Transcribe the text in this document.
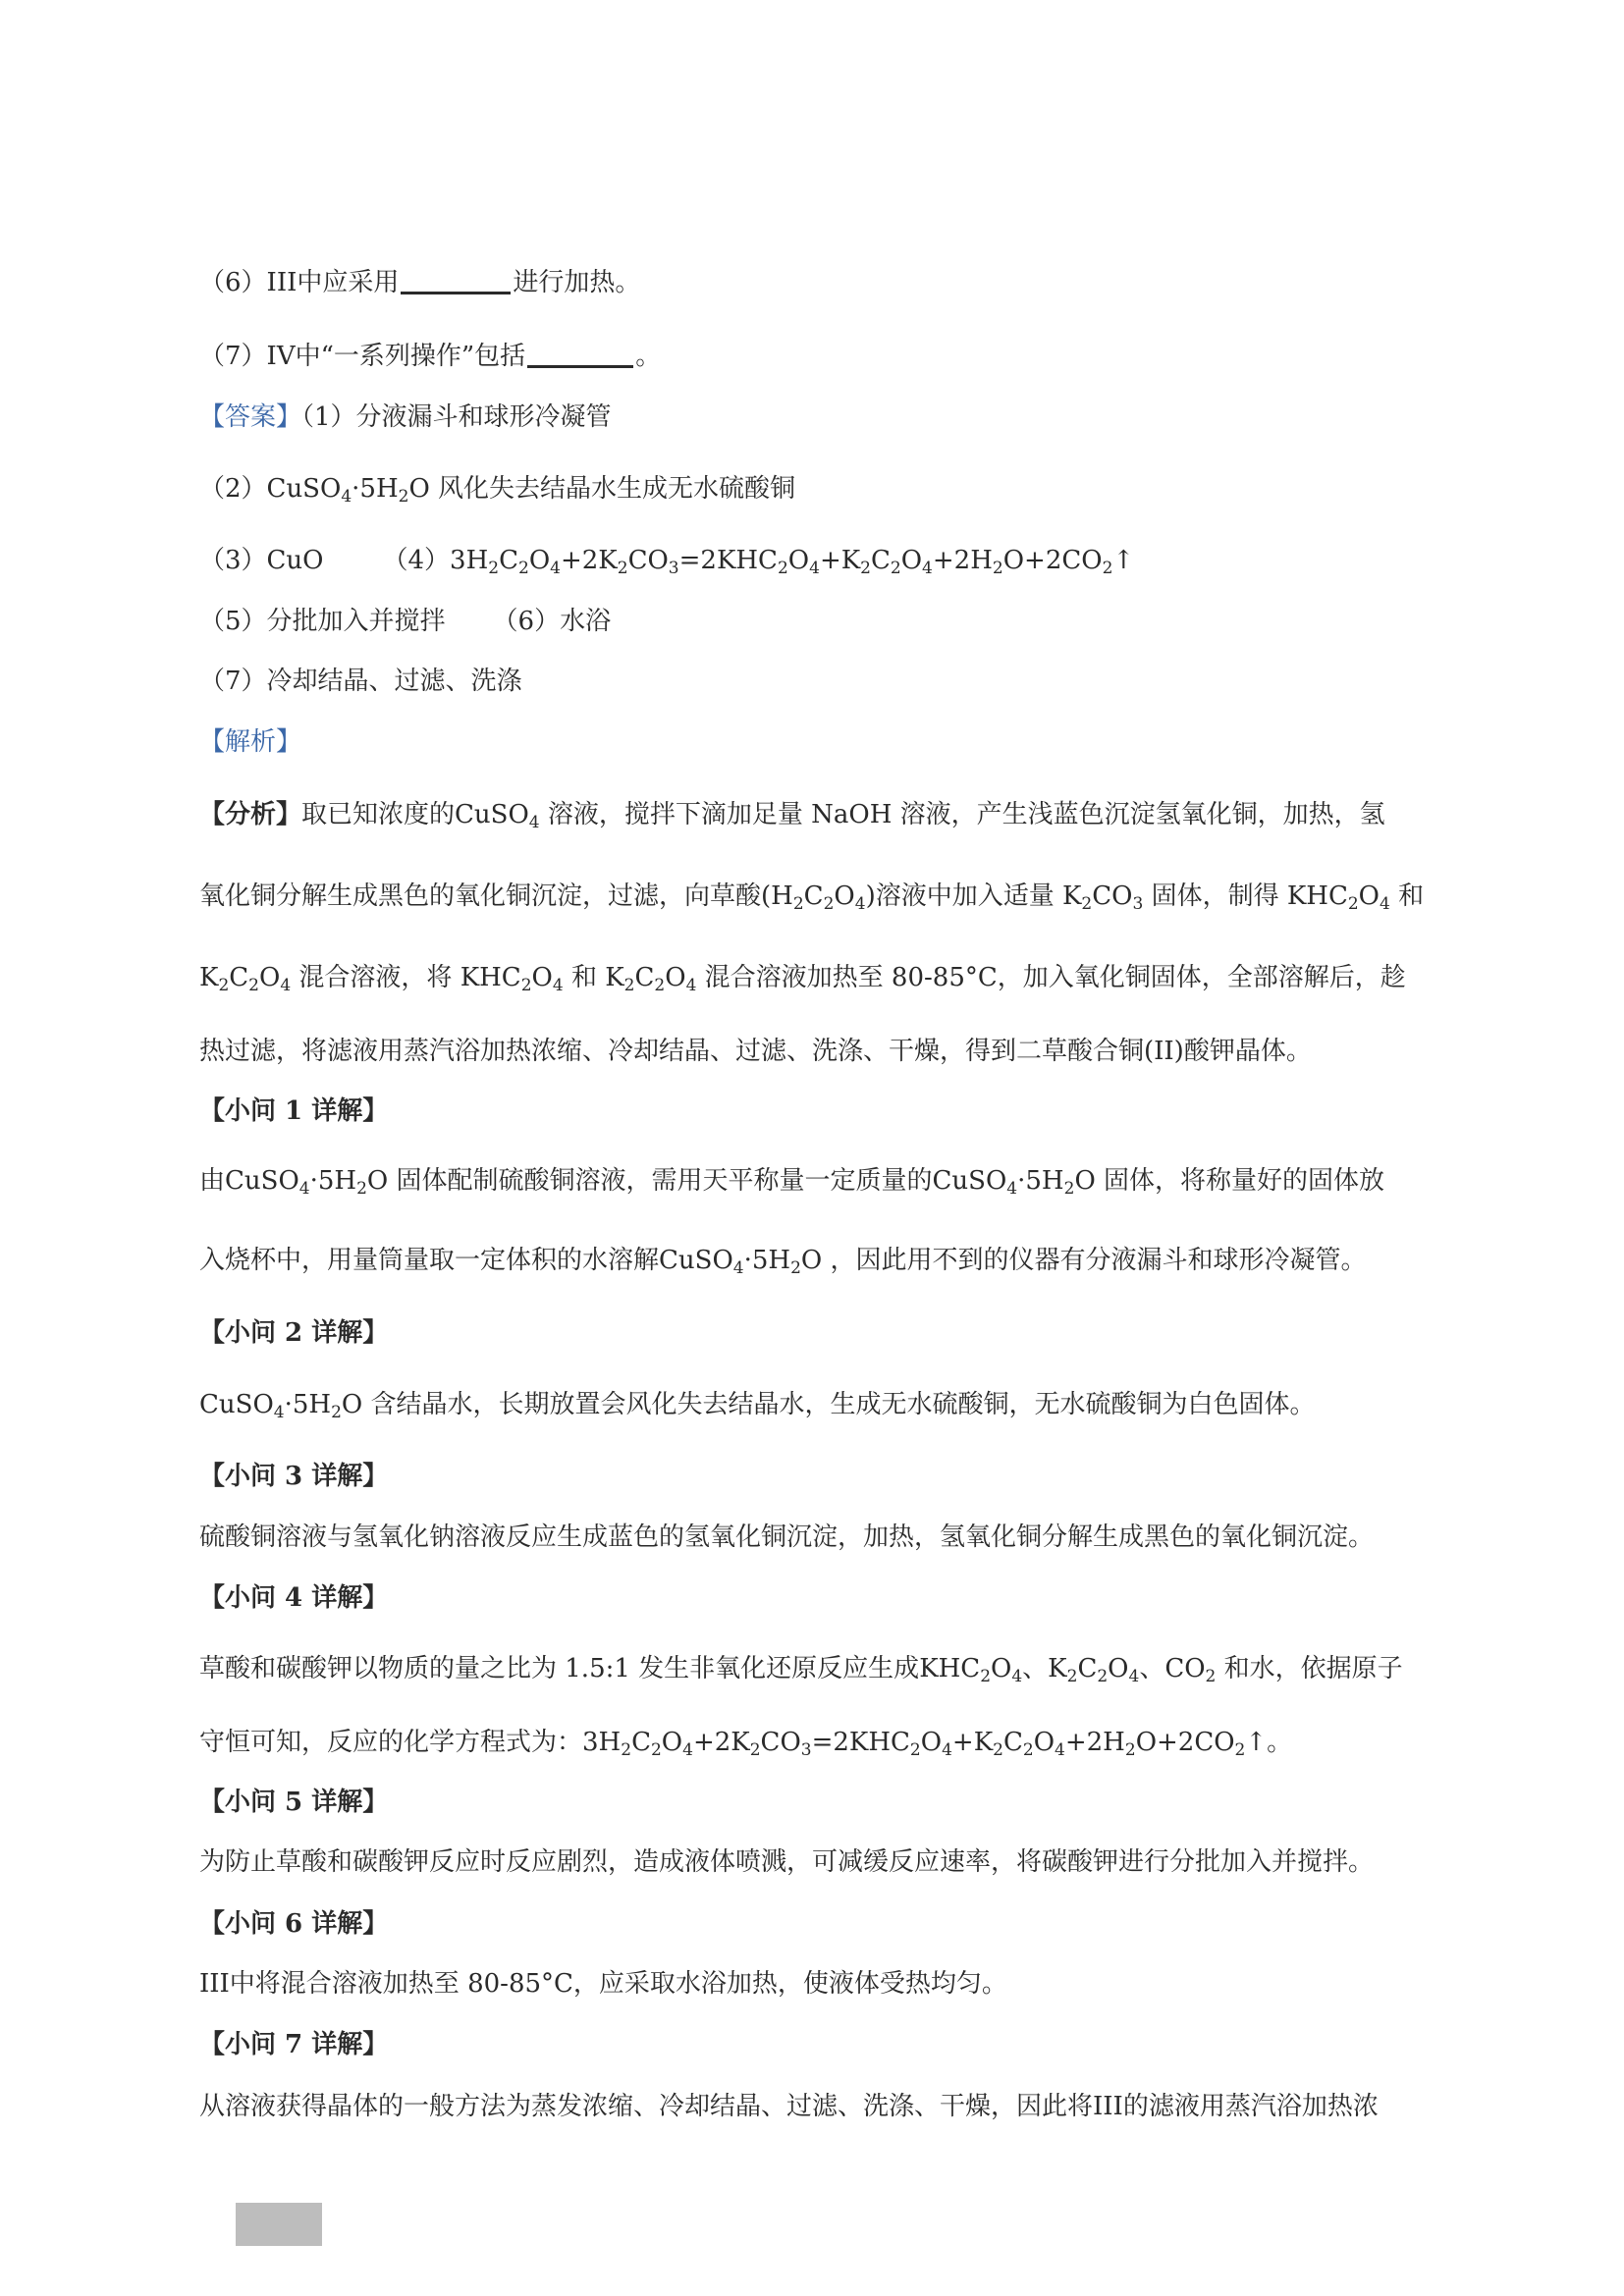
（6）III中应采用	进行加热。

（7）IV中“一系列操作”包括	。

【答案】（1）分液漏斗和球形冷凝管

$(2)CuSO_4\cdot 5H_2O$ 风化失去结晶水生成无水硫酸铜

（3）CuO $(4)3H_2C_2O_4+2K_2CO_3=2KHC_2O_4+K_2C_2O_4+2H_2O+2CO_2↑$

（5）分批加入并搅拌 （6）水浴

（7）冷却结晶、过滤、洗涤

【解析】

【分析】取已知浓度的CuSO$_4$ 溶液，搅拌下滴加足量 NaOH 溶液，产生浅蓝色沉淀氢氧化铜，加热，氢

氧化铜分解生成黑色的氧化铜沉淀，过滤，向草酸$(H_2C_2O_4)$溶液中加入适量 $K_2CO_3$ 固体，制得 $KHC_2O_4$ 和

$K_2C_2O_4$ 混合溶液，将 $KHC_2O_4$ 和 $K_2C_2O_4$ 混合溶液加热至 80-85°C，加入氧化铜固体，全部溶解后，趁

热过滤，将滤液用蒸汽浴加热浓缩、冷却结晶、过滤、洗涤、干燥，得到二草酸合铜(II)酸钾晶体。

【小问 1 详解】

由$CuSO_4\cdot 5H_2O$ 固体配制硫酸铜溶液，需用天平称量一定质量的$CuSO_4\cdot 5H_2O$ 固体，将称量好的固体放

入烧杯中，用量筒量取一定体积的水溶解$CuSO_4\cdot 5H_2O$ ，因此用不到的仪器有分液漏斗和球形冷凝管。

【小问 2 详解】

$CuSO_4\cdot 5H_2O$ 含结晶水，长期放置会风化失去结晶水，生成无水硫酸铜，无水硫酸铜为白色固体。

【小问 3 详解】

硫酸铜溶液与氢氧化钠溶液反应生成蓝色的氢氧化铜沉淀，加热，氢氧化铜分解生成黑色的氧化铜沉淀。

【小问 4 详解】

草酸和碳酸钾以物质的量之比为 1.5:1 发生非氧化还原反应生成$KHC_2O_4$、$K_2C_2O_4$、$CO_2$ 和水，依据原子

守恒可知，反应的化学方程式为：$3H_2C_2O_4+2K_2CO_3=2KHC_2O_4+K_2C_2O_4+2H_2O+2CO_2↑$。

【小问 5 详解】

为防止草酸和碳酸钾反应时反应剧烈，造成液体喷溅，可减缓反应速率，将碳酸钾进行分批加入并搅拌。

【小问 6 详解】

III中将混合溶液加热至 80-85°C，应采取水浴加热，使液体受热均匀。

【小问 7 详解】

从溶液获得晶体的一般方法为蒸发浓缩、冷却结晶、过滤、洗涤、干燥，因此将III的滤液用蒸汽浴加热浓
